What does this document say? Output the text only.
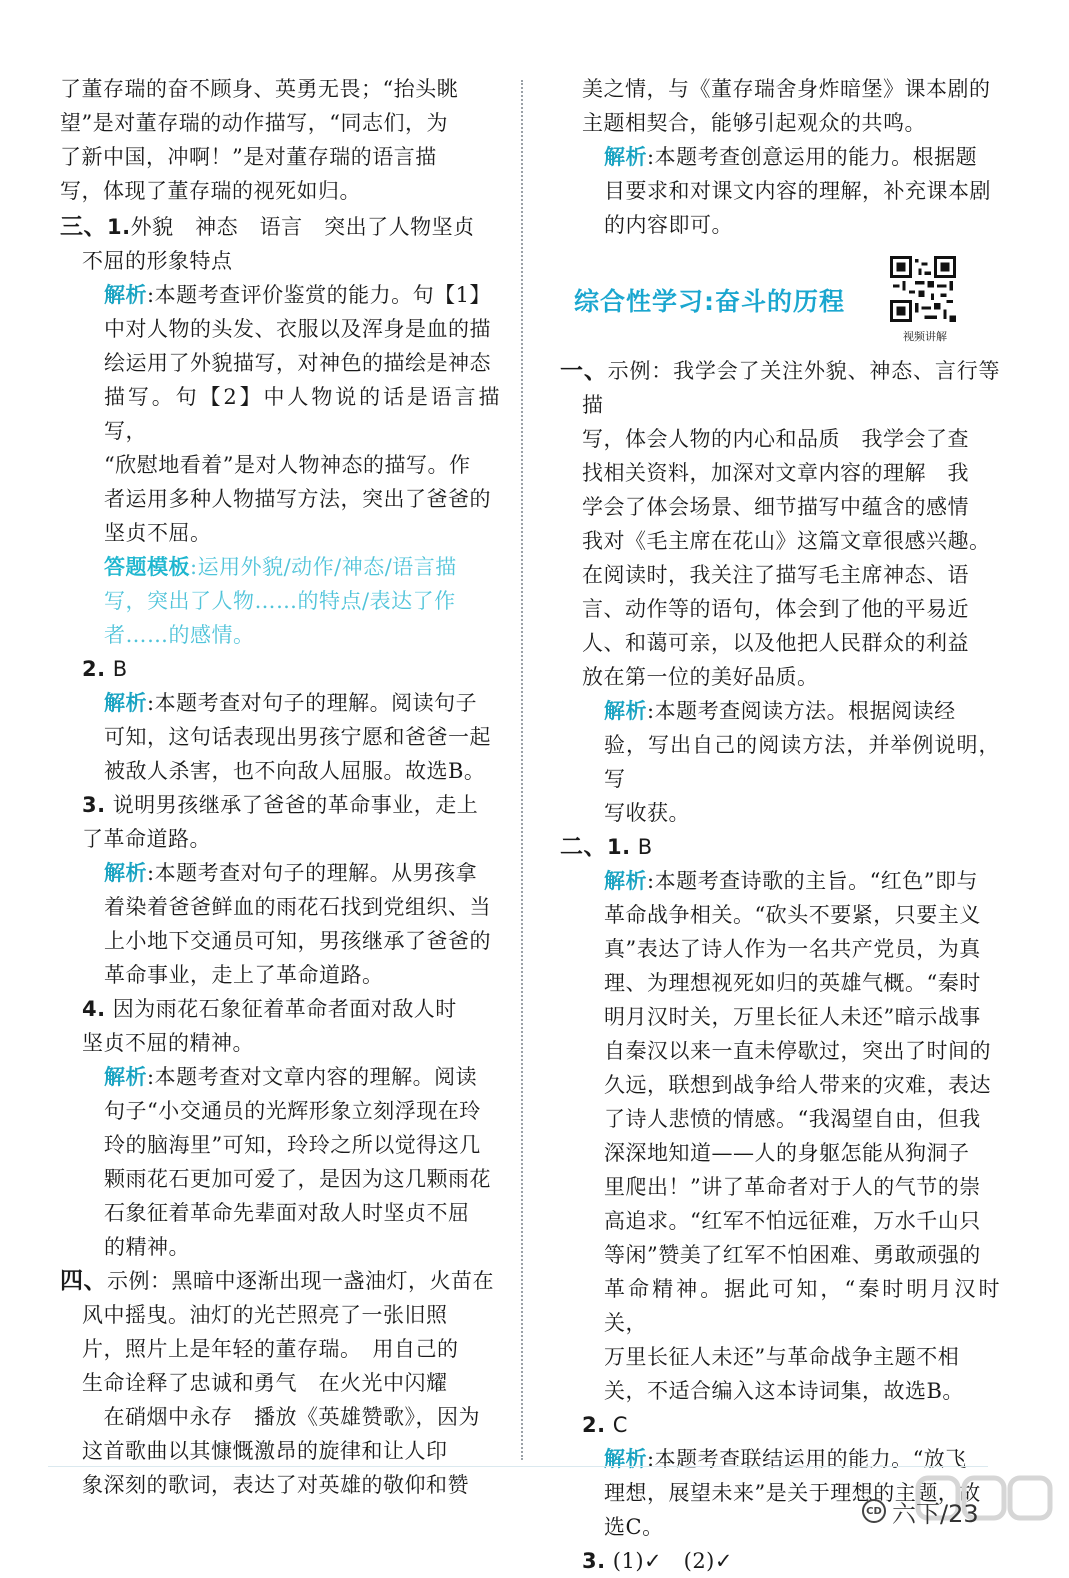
了董存瑞的奋不顾身、英勇无畏；“抬头眺

望”是对董存瑞的动作描写，“同志们，为

了新中国，冲啊！”是对董存瑞的语言描

写，体现了董存瑞的视死如归。

三、1.外貌　神态　语言　突出了人物坚贞

不屈的形象特点

解析:本题考查评价鉴赏的能力。句【1】

中对人物的头发、衣服以及浑身是血的描

绘运用了外貌描写，对神色的描绘是神态

描写。句【2】中人物说的话是语言描写，

“欣慰地看着”是对人物神态的描写。作

者运用多种人物描写方法，突出了爸爸的

坚贞不屈。

答题模板:运用外貌/动作/神态/语言描

写，突出了人物……的特点/表达了作

者……的感情。

2. B

解析:本题考查对句子的理解。阅读句子

可知，这句话表现出男孩宁愿和爸爸一起

被敌人杀害，也不向敌人屈服。故选B。

3. 说明男孩继承了爸爸的革命事业，走上

了革命道路。

解析:本题考查对句子的理解。从男孩拿

着染着爸爸鲜血的雨花石找到党组织、当

上小地下交通员可知，男孩继承了爸爸的

革命事业，走上了革命道路。

4. 因为雨花石象征着革命者面对敌人时

坚贞不屈的精神。

解析:本题考查对文章内容的理解。阅读

句子“小交通员的光辉形象立刻浮现在玲

玲的脑海里”可知，玲玲之所以觉得这几

颗雨花石更加可爱了，是因为这几颗雨花

石象征着革命先辈面对敌人时坚贞不屈

的精神。

四、示例：黑暗中逐渐出现一盏油灯，火苗在

风中摇曳。油灯的光芒照亮了一张旧照

片，照片上是年轻的董存瑞。　用自己的

生命诠释了忠诚和勇气　在火光中闪耀

　在硝烟中永存　播放《英雄赞歌》，因为

这首歌曲以其慷慨激昂的旋律和让人印

象深刻的歌词，表达了对英雄的敬仰和赞

美之情，与《董存瑞舍身炸暗堡》课本剧的

主题相契合，能够引起观众的共鸣。

解析:本题考查创意运用的能力。根据题

目要求和对课文内容的理解，补充课本剧

的内容即可。

综合性学习:奋斗的历程
视频讲解

一、示例：我学会了关注外貌、神态、言行等描

写，体会人物的内心和品质　我学会了查

找相关资料，加深对文章内容的理解　我

学会了体会场景、细节描写中蕴含的感情

我对《毛主席在花山》这篇文章很感兴趣。

在阅读时，我关注了描写毛主席神态、语

言、动作等的语句，体会到了他的平易近

人、和蔼可亲，以及他把人民群众的利益

放在第一位的美好品质。

解析:本题考查阅读方法。根据阅读经

验，写出自己的阅读方法，并举例说明，写

写收获。

二、1. B

解析:本题考查诗歌的主旨。“红色”即与

革命战争相关。“砍头不要紧，只要主义

真”表达了诗人作为一名共产党员，为真

理、为理想视死如归的英雄气概。“秦时

明月汉时关，万里长征人未还”暗示战事

自秦汉以来一直未停歇过，突出了时间的

久远，联想到战争给人带来的灾难，表达

了诗人悲愤的情感。“我渴望自由，但我

深深地知道——人的身躯怎能从狗洞子

里爬出！”讲了革命者对于人的气节的崇

高追求。“红军不怕远征难，万水千山只

等闲”赞美了红军不怕困难、勇敢顽强的

革命精神。据此可知，“秦时明月汉时关，

万里长征人未还”与革命战争主题不相

关，不适合编入这本诗词集，故选B。

2. C

解析:本题考查联结运用的能力。“放飞

理想，展望未来”是关于理想的主题，故

选C。

3. (1)✓　(2)✓

CD 六下/23
